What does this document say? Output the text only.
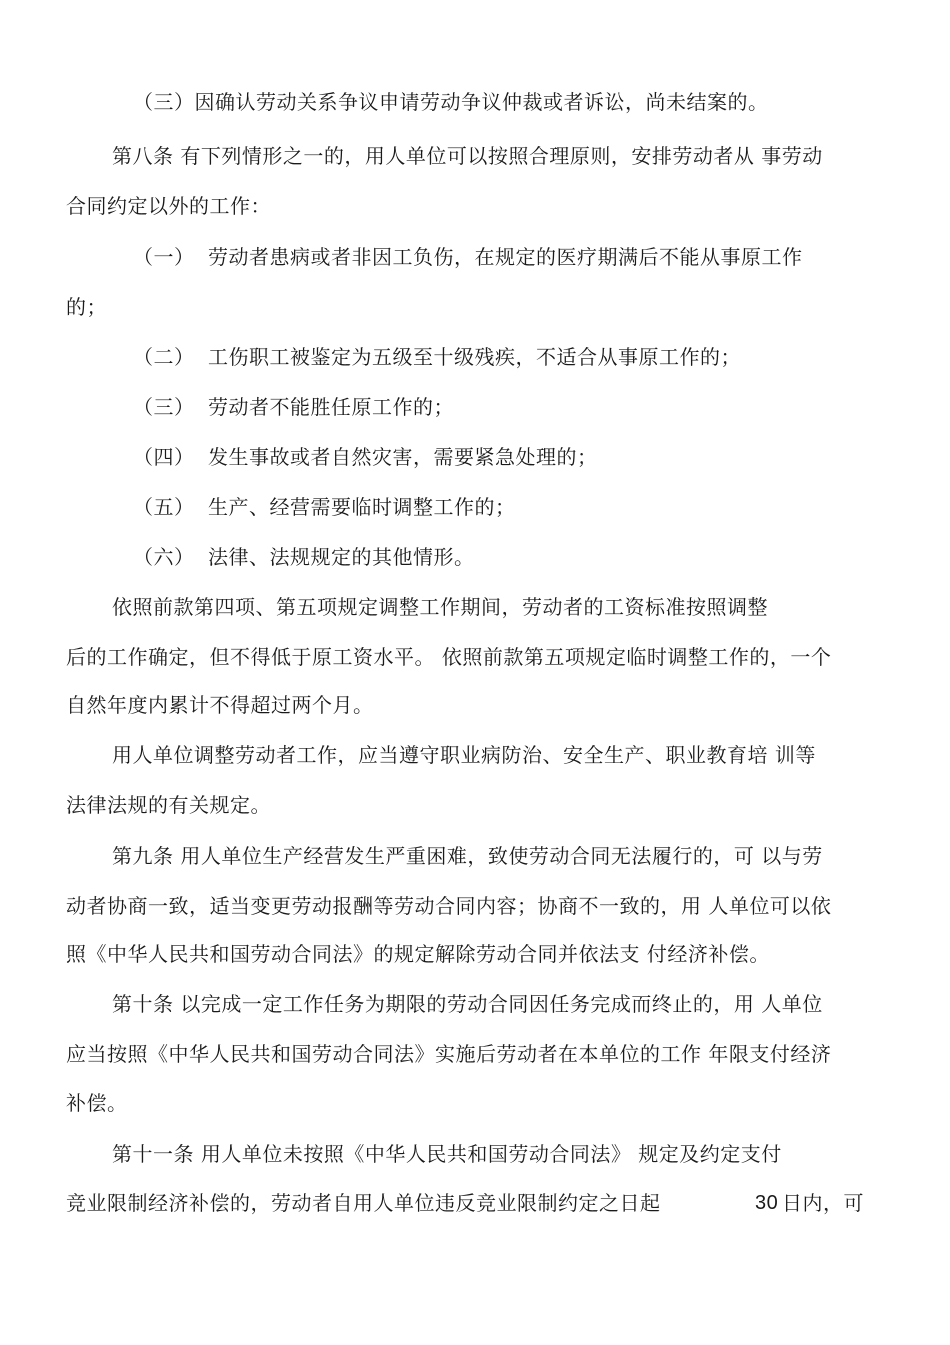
（三）因确认劳动关系争议申请劳动争议仲裁或者诉讼，尚未结案的。
第八条 有下列情形之一的，用人单位可以按照合理原则，安排劳动者从 事劳动
合同约定以外的工作：
（一） 劳动者患病或者非因工负伤，在规定的医疗期满后不能从事原工作
的；
（二） 工伤职工被鉴定为五级至十级残疾，不适合从事原工作的；
（三） 劳动者不能胜任原工作的；
（四） 发生事故或者自然灾害，需要紧急处理的；
（五） 生产、经营需要临时调整工作的；
（六） 法律、法规规定的其他情形。
依照前款第四项、第五项规定调整工作期间，劳动者的工资标准按照调整
后的工作确定，但不得低于原工资水平。 依照前款第五项规定临时调整工作的，一个
自然年度内累计不得超过两个月。
用人单位调整劳动者工作，应当遵守职业病防治、安全生产、职业教育培 训等
法律法规的有关规定。
第九条 用人单位生产经营发生严重困难，致使劳动合同无法履行的，可 以与劳
动者协商一致，适当变更劳动报酬等劳动合同内容；协商不一致的，用 人单位可以依
照《中华人民共和国劳动合同法》的规定解除劳动合同并依法支 付经济补偿。
第十条 以完成一定工作任务为期限的劳动合同因任务完成而终止的，用 人单位
应当按照《中华人民共和国劳动合同法》实施后劳动者在本单位的工作 年限支付经济
补偿。
第十一条 用人单位未按照《中华人民共和国劳动合同法》 规定及约定支付
竞业限制经济补偿的，劳动者自用人单位违反竞业限制约定之日起	30 日内，可
